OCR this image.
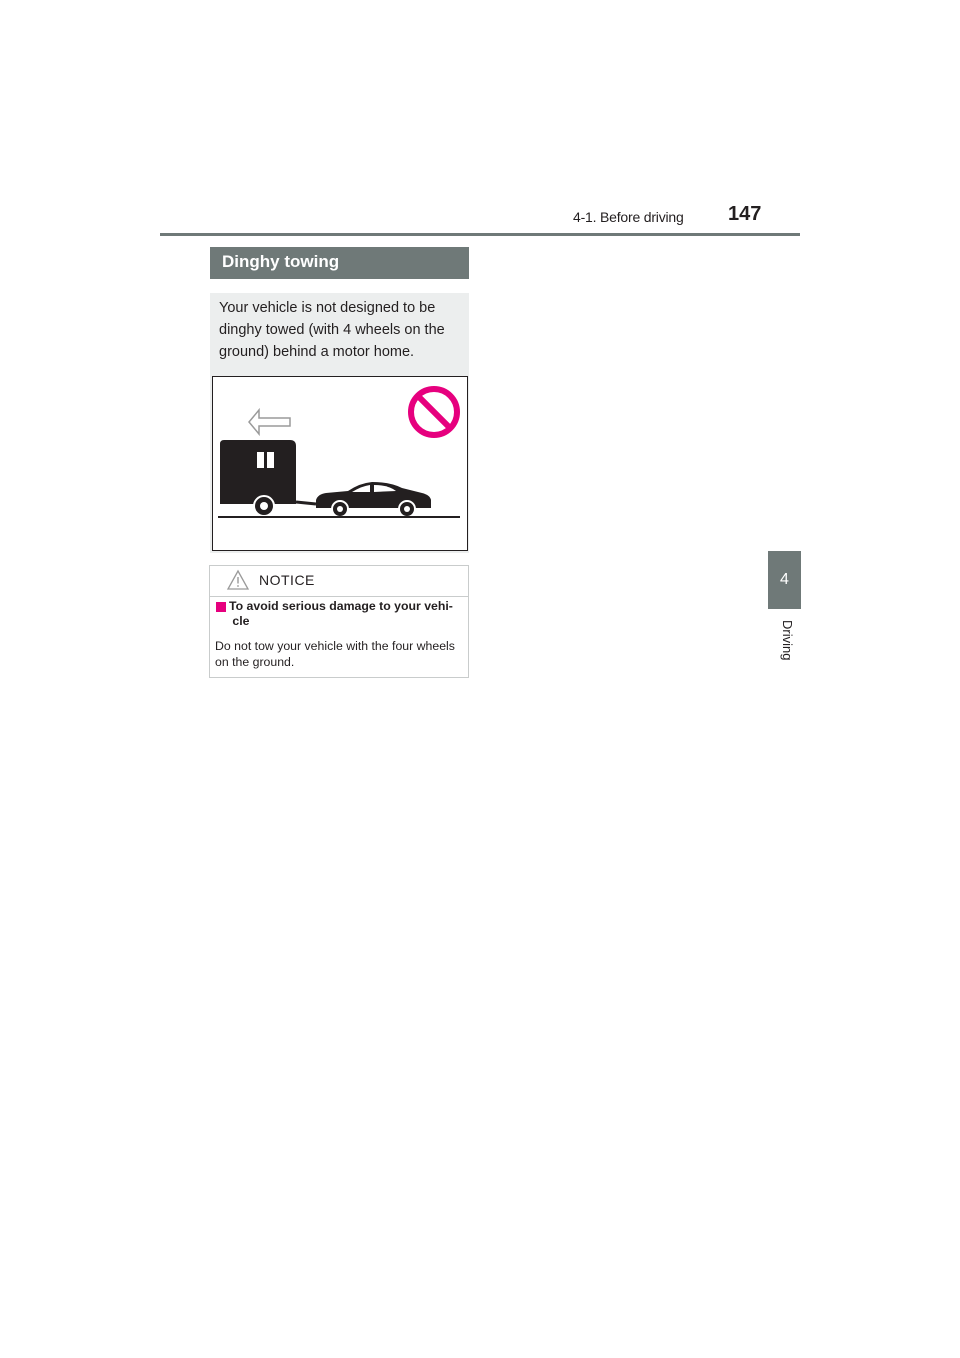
4-1. Before driving 147
4
Driving
Dinghy towing
Your vehicle is not designed to be dinghy towed (with 4 wheels on the ground) behind a motor home.
NOTICE
To avoid serious damage to your vehi- cle
Do not tow your vehicle with the four wheels on the ground.
